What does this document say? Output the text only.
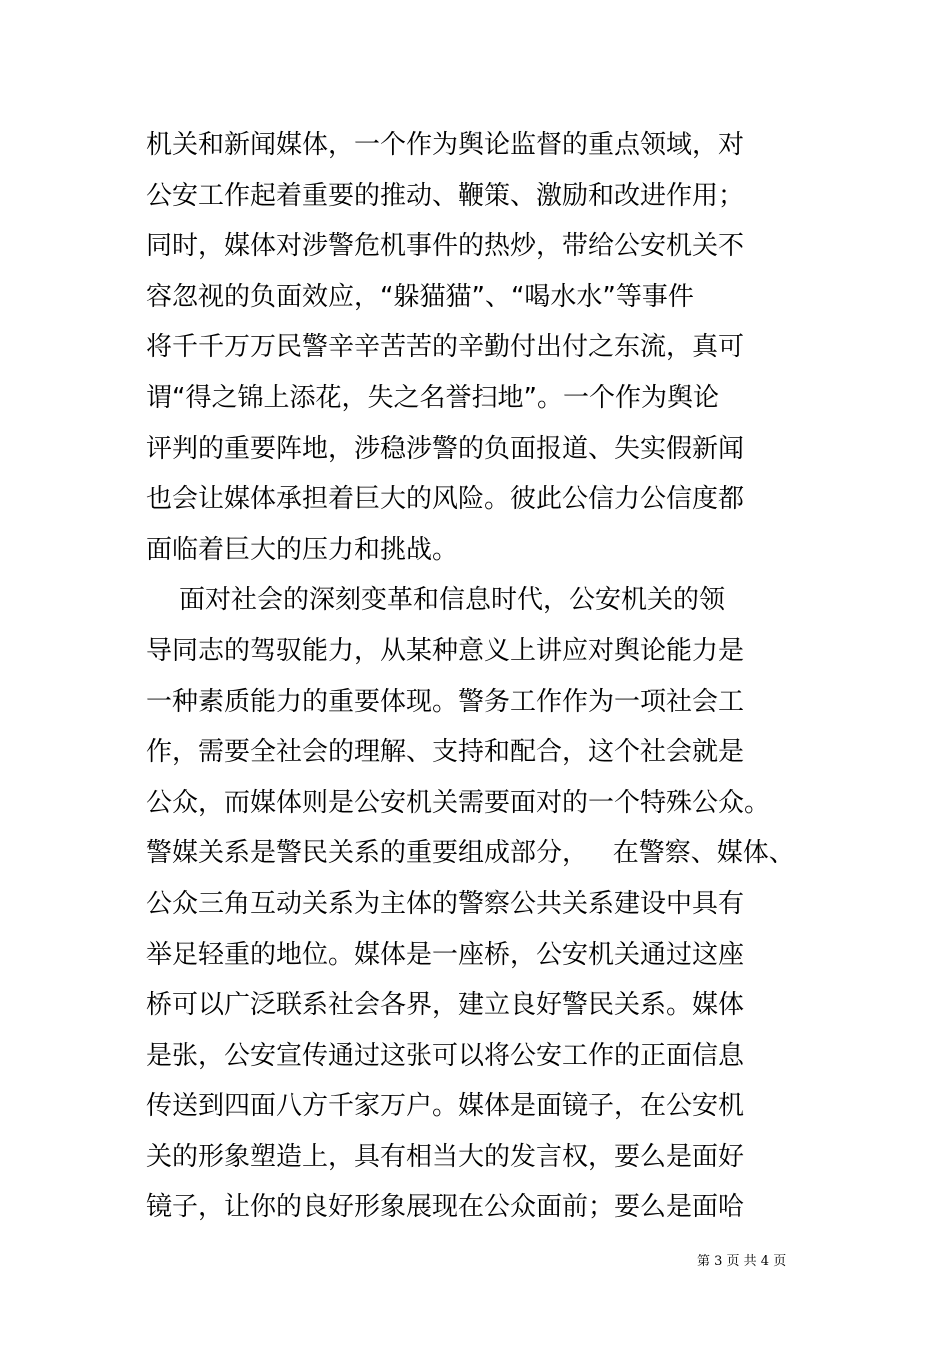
机关和新闻媒体，一个作为舆论监督的重点领域，对
公安工作起着重要的推动、鞭策、激励和改进作用；
同时，媒体对涉警危机事件的热炒，带给公安机关不
容忽视的负面效应，“躲猫猫”、“喝水水”等事件
将千千万万民警辛辛苦苦的辛勤付出付之东流，真可
谓“得之锦上添花，失之名誉扫地”。一个作为舆论
评判的重要阵地，涉稳涉警的负面报道、失实假新闻
也会让媒体承担着巨大的风险。彼此公信力公信度都
面临着巨大的压力和挑战。
面对社会的深刻变革和信息时代，公安机关的领
导同志的驾驭能力，从某种意义上讲应对舆论能力是
一种素质能力的重要体现。警务工作作为一项社会工
作，需要全社会的理解、支持和配合，这个社会就是
公众，而媒体则是公安机关需要面对的一个特殊公众。
警媒关系是警民关系的重要组成部分，   在警察、媒体、
公众三角互动关系为主体的警察公共关系建设中具有
举足轻重的地位。媒体是一座桥，公安机关通过这座
桥可以广泛联系社会各界，建立良好警民关系。媒体
是张，公安宣传通过这张可以将公安工作的正面信息
传送到四面八方千家万户。媒体是面镜子，在公安机
关的形象塑造上，具有相当大的发言权，要么是面好
镜子，让你的良好形象展现在公众面前；要么是面哈
第 3 页 共 4 页
